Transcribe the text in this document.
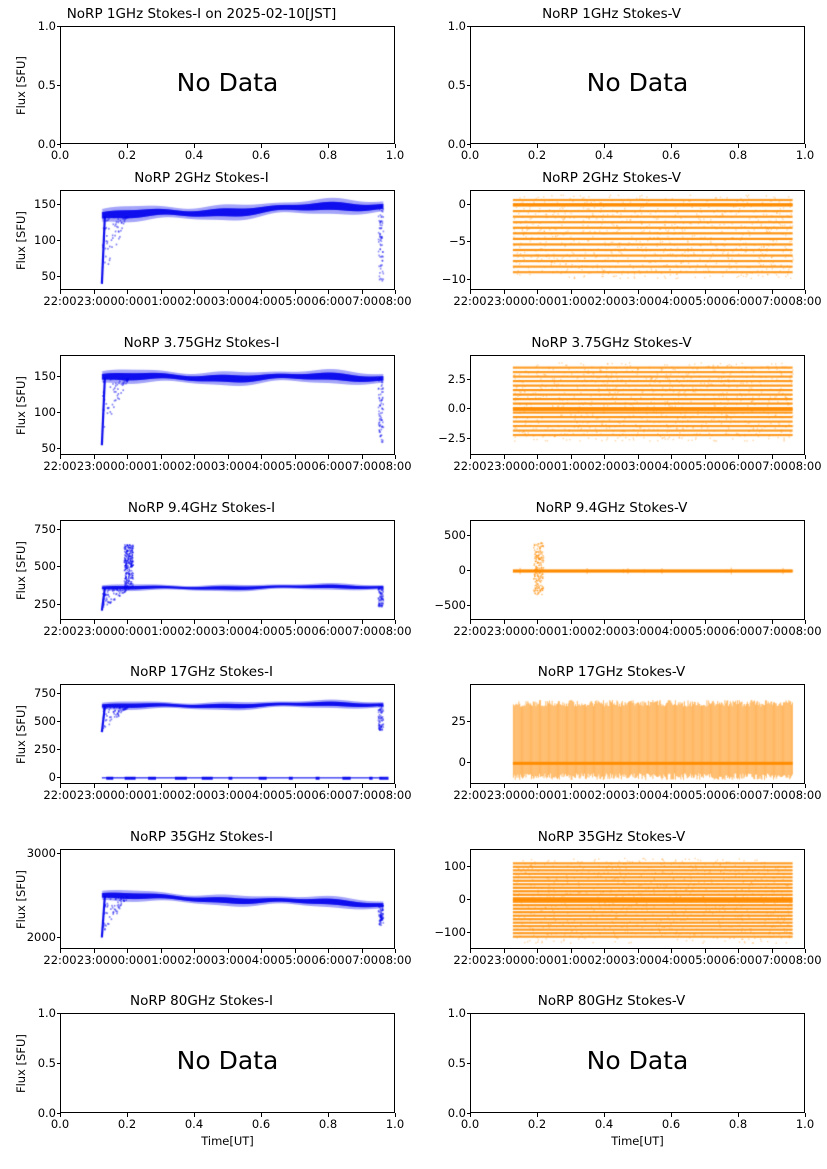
NoRP 1GHz Stokes-I on 2025-02-10[JST]
No Data
0.0
0.5
1.0
0.0	0.2	0.4	0.6	0.8	1.0
Flux [SFU]
NoRP 1GHz Stokes-V
No Data
0.0
0.5
1.0
0.0	0.2	0.4	0.6	0.8	1.0
NoRP 2GHz Stokes-I
50
100
150
22:00 23:00 00:00 01:00 02:00 03:00 04:00 05:00 06:00 07:00 08:00
Flux [SFU]
NoRP 2GHz Stokes-V
−10
−5
0
22:00 23:00 00:00 01:00 02:00 03:00 04:00 05:00 06:00 07:00 08:00
NoRP 3.75GHz Stokes-I
50
100
150
22:00 23:00 00:00 01:00 02:00 03:00 04:00 05:00 06:00 07:00 08:00
Flux [SFU]
NoRP 3.75GHz Stokes-V
−2.5
0.0
2.5
22:00 23:00 00:00 01:00 02:00 03:00 04:00 05:00 06:00 07:00 08:00
NoRP 9.4GHz Stokes-I
250
500
750
22:00 23:00 00:00 01:00 02:00 03:00 04:00 05:00 06:00 07:00 08:00
Flux [SFU]
NoRP 9.4GHz Stokes-V
−500
0
500
22:00 23:00 00:00 01:00 02:00 03:00 04:00 05:00 06:00 07:00 08:00
NoRP 17GHz Stokes-I
0
250
500
750
22:00 23:00 00:00 01:00 02:00 03:00 04:00 05:00 06:00 07:00 08:00
Flux [SFU]
NoRP 17GHz Stokes-V
0
25
22:00 23:00 00:00 01:00 02:00 03:00 04:00 05:00 06:00 07:00 08:00
NoRP 35GHz Stokes-I
2000
3000
22:00 23:00 00:00 01:00 02:00 03:00 04:00 05:00 06:00 07:00 08:00
Flux [SFU]
NoRP 35GHz Stokes-V
−100
0
100
22:00 23:00 00:00 01:00 02:00 03:00 04:00 05:00 06:00 07:00 08:00
NoRP 80GHz Stokes-I
No Data
0.0
0.5
1.0
0.0	0.2	0.4	0.6	0.8	1.0
Flux [SFU]
Time[UT]
NoRP 80GHz Stokes-V
No Data
0.0
0.5
1.0
0.0	0.2	0.4	0.6	0.8	1.0
Time[UT]
